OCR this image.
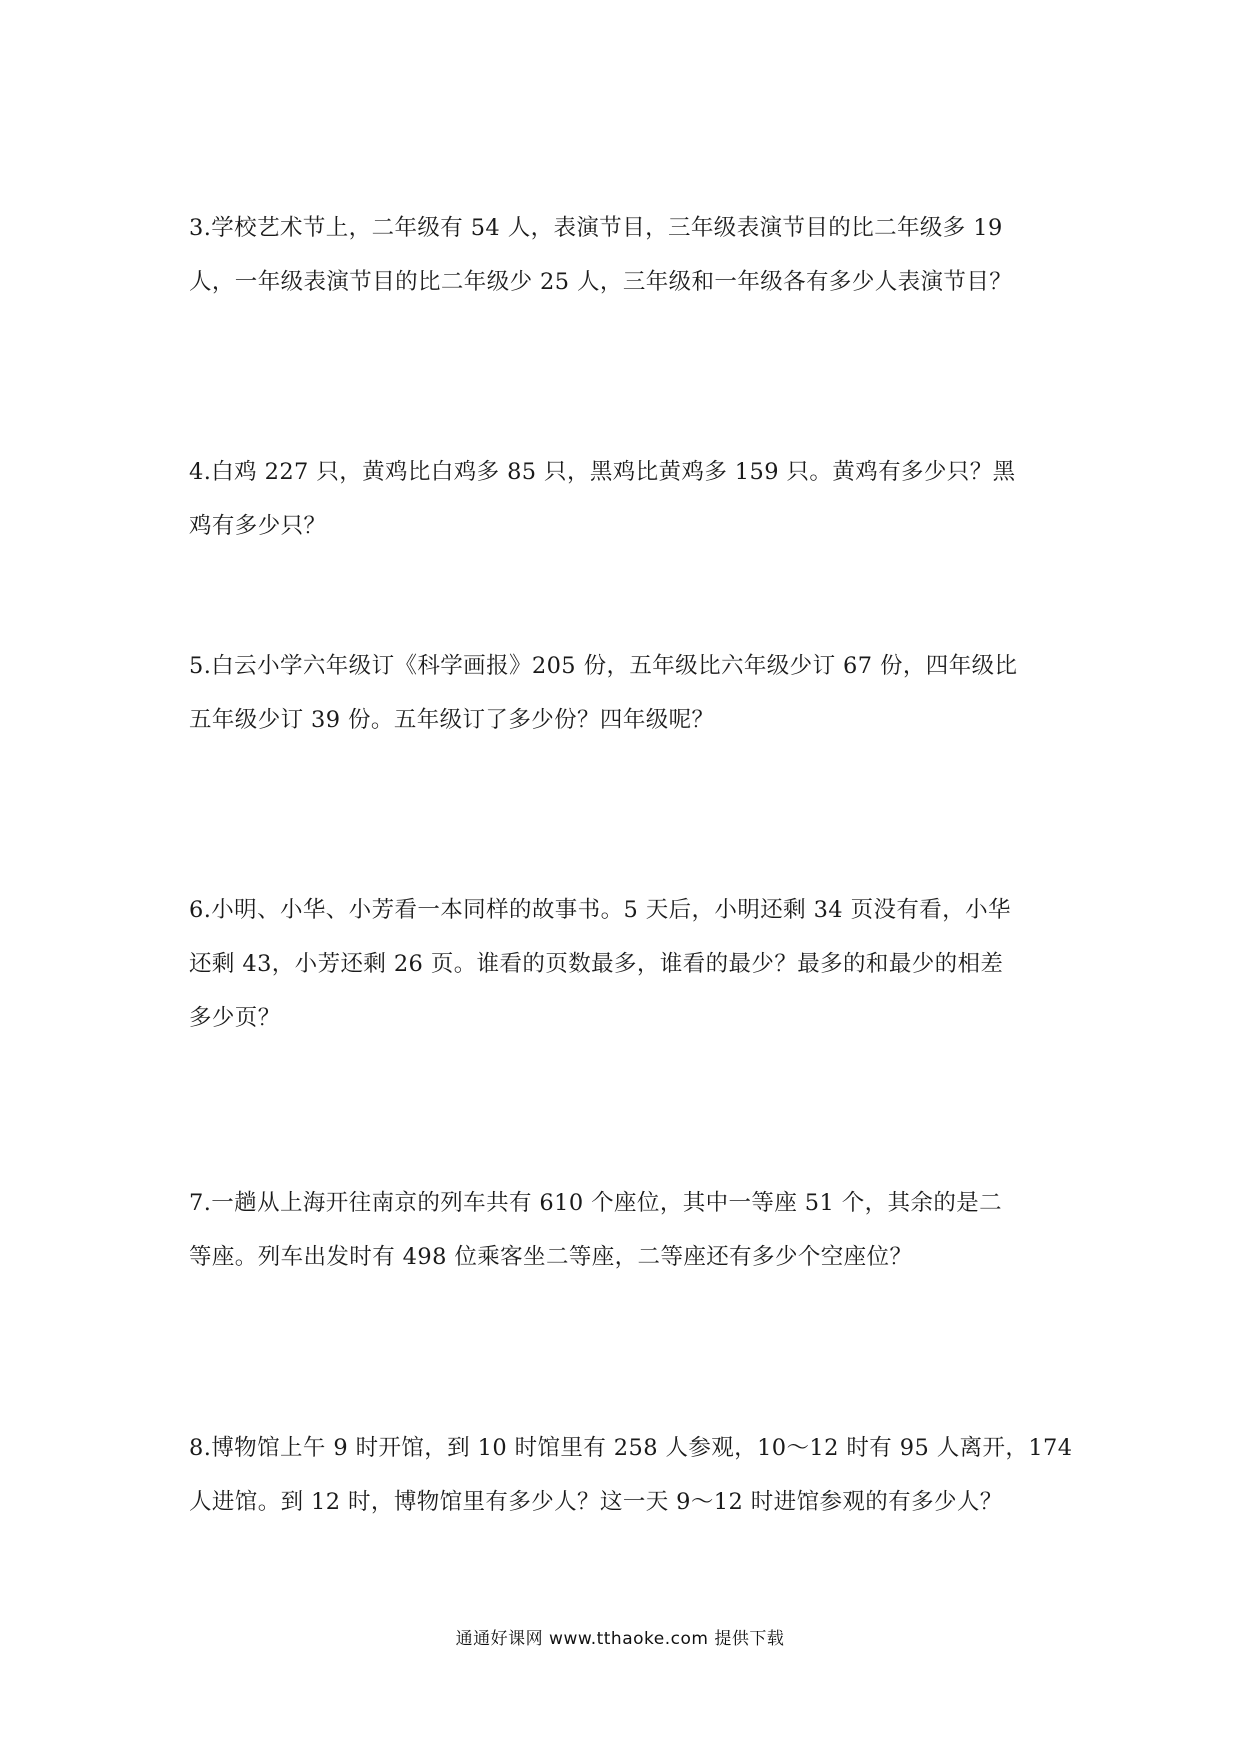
3.学校艺术节上，二年级有 54 人，表演节目，三年级表演节目的比二年级多 19
人，一年级表演节目的比二年级少 25 人，三年级和一年级各有多少人表演节目？
4.白鸡 227 只，黄鸡比白鸡多 85 只，黑鸡比黄鸡多 159 只。黄鸡有多少只？黑
鸡有多少只？
5.白云小学六年级订《科学画报》205 份，五年级比六年级少订 67 份，四年级比
五年级少订 39 份。五年级订了多少份？四年级呢？
6.小明、小华、小芳看一本同样的故事书。5 天后，小明还剩 34 页没有看，小华
还剩 43，小芳还剩 26 页。谁看的页数最多，谁看的最少？最多的和最少的相差
多少页？
7.一趟从上海开往南京的列车共有 610 个座位，其中一等座 51 个，其余的是二
等座。列车出发时有 498 位乘客坐二等座，二等座还有多少个空座位？
8.博物馆上午 9 时开馆，到 10 时馆里有 258 人参观，10～12 时有 95 人离开，174
人进馆。到 12 时，博物馆里有多少人？这一天 9～12 时进馆参观的有多少人？
通通好课网 www.tthaoke.com 提供下载
